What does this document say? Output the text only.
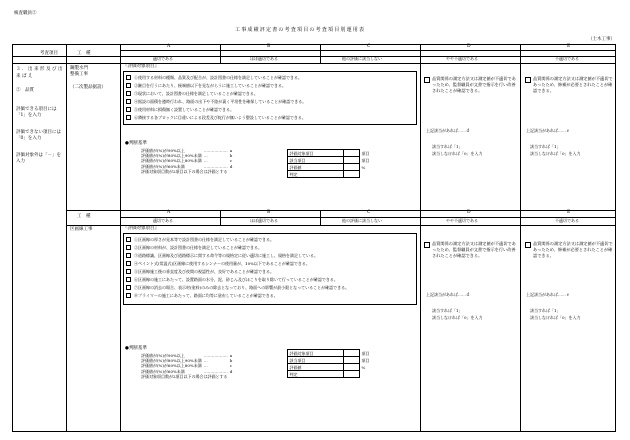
検査職員②
工事成績評定書の考査項目の考査項目別運用表
（土木工事）
考査項目	工　種
A	B	C	D	E
適切である	ほぼ適切である	他の評価に該当しない	やや不適切である	不適切である
３．出来形及び出来ばえ
②　品質
評価できる項目には「1」を入力
評価できない項目には「0」を入力
評価対象外は「－」を入力
鋼製水門
整備工事
（二次製品据設）
『評価対象項目』
①使用する材料の種類、品質及び配合が、設計図書の仕様を満足していることが確認できる。
②継目を行うにあたり、極端値以下を見ながらうに施工していることが確認できる。
③現状において、設計図書の仕様を満足していることが確認できる。
④据設の面積を遵時行われ、路面の出下や不陸が裏く平坦性を確保していることが確認できる。
⑤使用材料に損傷無く設置していることが確認できる。
⑥隣接する各ブロックに目違いによる段差及び蛇行が無いよう整設していることが確認できる。
●判断基準
評価値が(%)が90%以上	………………	a
評価値が(%)が80%以上90%未満	…	b
評価値が(%)が60%以上80%未満	…	c
評価値が(%)が60%未満	………………	d
評価対象項目数が2項目以下の場合は評価とする		
評価対象項目		項目
該当項目		項目
評価値		%
判定		
品質関係の測定方法又は測定値が不適切であったため、監督職員が文書で指示を行い改善されたことが確認できる。
上記該当があれば……ｄ
該当すれば「1」
該当しなければ「0」を入力
品質関係の測定方法又は測定値が不適切であったため、修補が必要とされたことが確認できる。
上記該当があれば……ｅ
該当すれば「1」
該当しなければ「0」を入力
工　種
A	B	C	D	E
適切である	ほぼ適切である	他の評価に該当しない	やや不適切である	不適切である
区画線工事	『評価対象項目』
①区画線の厚さが見本等で設計図書の仕様を満足していることが確認できる。
②区画線の材料が、設計図書の仕様を満足していることが確認できる。
③道路標識、区画線及び道路標示に関する命令等の規格定に従い適切に施工し、規格を満足している。
④ペイント式(常温式)区画線に使用するシンナーの使用量が、10%以下であることが確認できる。
⑤区画線施工後の垂直度及び夜間の視認性が、良好であることが確認できる。
⑥区画線の施工にあたって、設置路面の水分、泥、砂じん及びほこりを取り除いて行っていることが確認できる。
⑦区画線の消去の場合、表示材(塗料)のみの除去となっており、路面への影響が最小限となっていることが確認できる。
⑧プライマーの施工にあたって、路面に均等に塗布していることが確認できる。
●判断基準
評価値が(%)が90%以上	………………	a
評価値が(%)が80%以上90%未満	…	b
評価値が(%)が60%以上80%未満	…	c
評価値が(%)が60%未満	………………	d
評価対象項目数が2項目以下の場合は評価とする		
評価対象項目		項目
該当項目		項目
評価値		%
判定		
品質関係の測定方法又は測定値が不適切であったため、監督職員が文書で指示を行い改善されたことが確認できる。
上記該当があれば……ｄ
該当すれば「1」
該当しなければ「0」を入力
品質関係の測定方法又は測定値が不適切であったため、修補が必要とされたことが確認できる。
上記該当があれば……ｅ
該当すれば「1」
該当しなければ「0」を入力
